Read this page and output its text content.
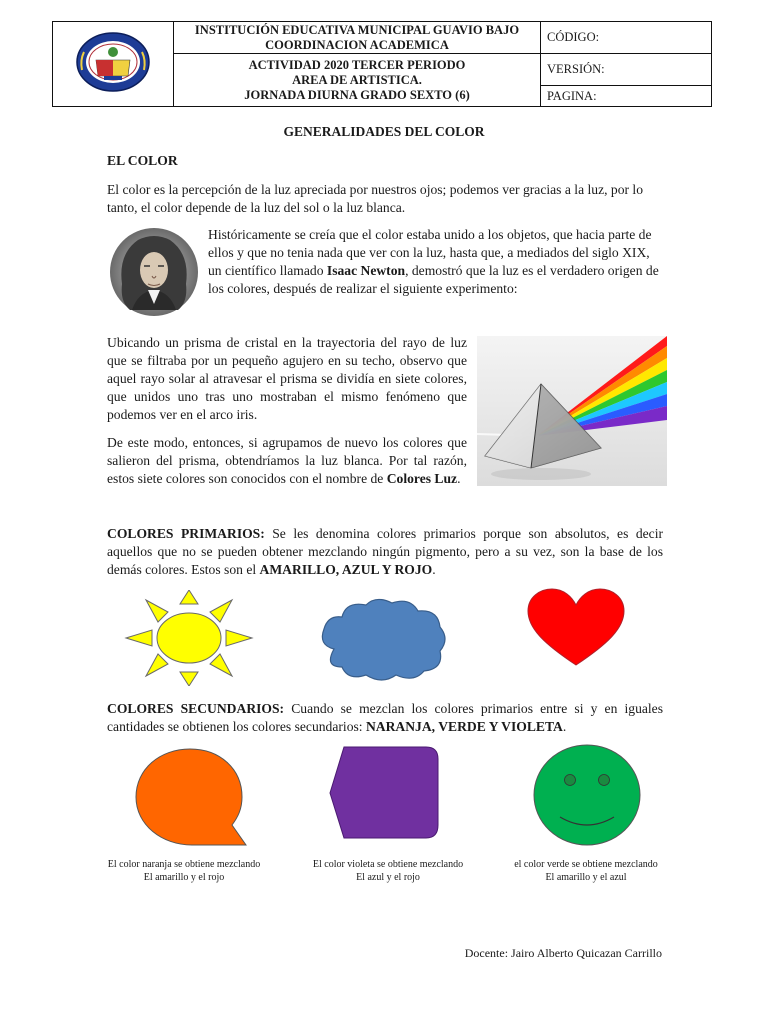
INSTITUCIÓN EDUCATIVA MUNICIPAL GUAVIO BAJO
COORDINACION ACADEMICA	CÓDIGO:

	ACTIVIDAD 2020 TERCER PERIODO
AREA DE ARTISTICA.
JORNADA DIURNA GRADO SEXTO (6)	VERSIÓN:
		PAGINA:
GENERALIDADES DEL COLOR
EL COLOR

El color es la percepción de la luz apreciada por nuestros ojos; podemos ver gracias a la luz, por lo tanto, el color depende de la luz del sol o la luz blanca.

Históricamente se creía que el color estaba unido a los objetos, que hacia parte de ellos y que no tenia nada que ver con la luz, hasta que, a mediados del siglo XIX, un científico llamado Isaac Newton, demostró que la luz es el verdadero origen de los colores, después de realizar el siguiente experimento:

Ubicando un prisma de cristal en la trayectoria del rayo de luz que se filtraba por un pequeño agujero en su techo, observo que aquel rayo solar al atravesar el prisma se dividía en siete colores, que unidos uno tras uno mostraban el mismo fenómeno que podemos ver en el arco iris.

De este modo, entonces, si agrupamos de nuevo los colores que salieron del prisma, obtendríamos la luz blanca. Por tal razón, estos siete colores son conocidos con el nombre de Colores Luz.

COLORES PRIMARIOS: Se les denomina colores primarios porque son absolutos, es decir aquellos que no se pueden obtener mezclando ningún pigmento, pero a su vez, son la base de los demás colores. Estos son el AMARILLO, AZUL Y ROJO.

COLORES SECUNDARIOS: Cuando se mezclan los colores primarios entre si y en iguales cantidades se obtienen los colores secundarios: NARANJA, VERDE Y VIOLETA.

El color naranja se obtiene mezclando
El amarillo y el rojo
El color violeta se obtiene mezclando
El azul y el rojo
el color verde se obtiene mezclando
El amarillo y el azul
Docente: Jairo Alberto Quicazan Carrillo
